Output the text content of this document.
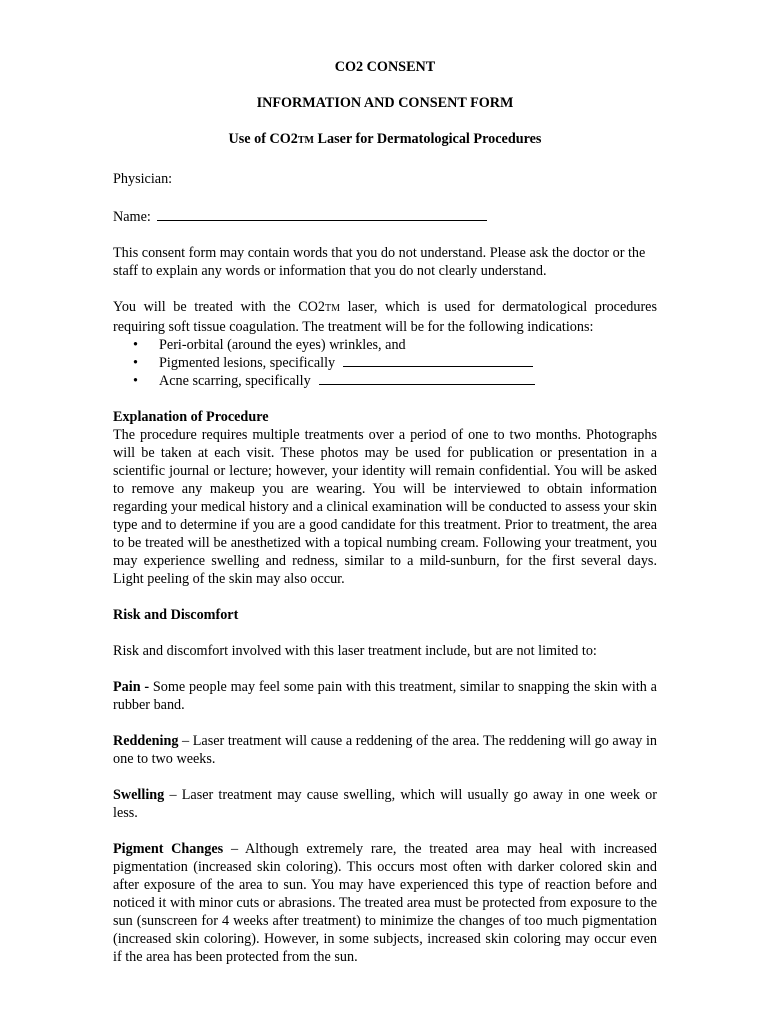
CO2 CONSENT
INFORMATION AND CONSENT FORM
Use of CO2TM Laser for Dermatological Procedures

Physician:

Name:

This consent form may contain words that you do not understand. Please ask the doctor or the staff to explain any words or information that you do not clearly understand.

You will be treated with the CO2TM laser, which is used for dermatological procedures requiring soft tissue coagulation. The treatment will be for the following indications:

• Peri-orbital (around the eyes) wrinkles, and
• Pigmented lesions, specifically
• Acne scarring, specifically

Explanation of Procedure

The procedure requires multiple treatments over a period of one to two months. Photographs will be taken at each visit. These photos may be used for publication or presentation in a scientific journal or lecture; however, your identity will remain confidential. You will be asked to remove any makeup you are wearing. You will be interviewed to obtain information regarding your medical history and a clinical examination will be conducted to assess your skin type and to determine if you are a good candidate for this treatment. Prior to treatment, the area to be treated will be anesthetized with a topical numbing cream. Following your treatment, you may experience swelling and redness, similar to a mild-sunburn, for the first several days. Light peeling of the skin may also occur.

Risk and Discomfort

Risk and discomfort involved with this laser treatment include, but are not limited to:

Pain - Some people may feel some pain with this treatment, similar to snapping the skin with a rubber band.

Reddening – Laser treatment will cause a reddening of the area. The reddening will go away in one to two weeks.

Swelling – Laser treatment may cause swelling, which will usually go away in one week or less.

Pigment Changes – Although extremely rare, the treated area may heal with increased pigmentation (increased skin coloring). This occurs most often with darker colored skin and after exposure of the area to sun. You may have experienced this type of reaction before and noticed it with minor cuts or abrasions. The treated area must be protected from exposure to the sun (sunscreen for 4 weeks after treatment) to minimize the changes of too much pigmentation (increased skin coloring). However, in some subjects, increased skin coloring may occur even if the area has been protected from the sun.
